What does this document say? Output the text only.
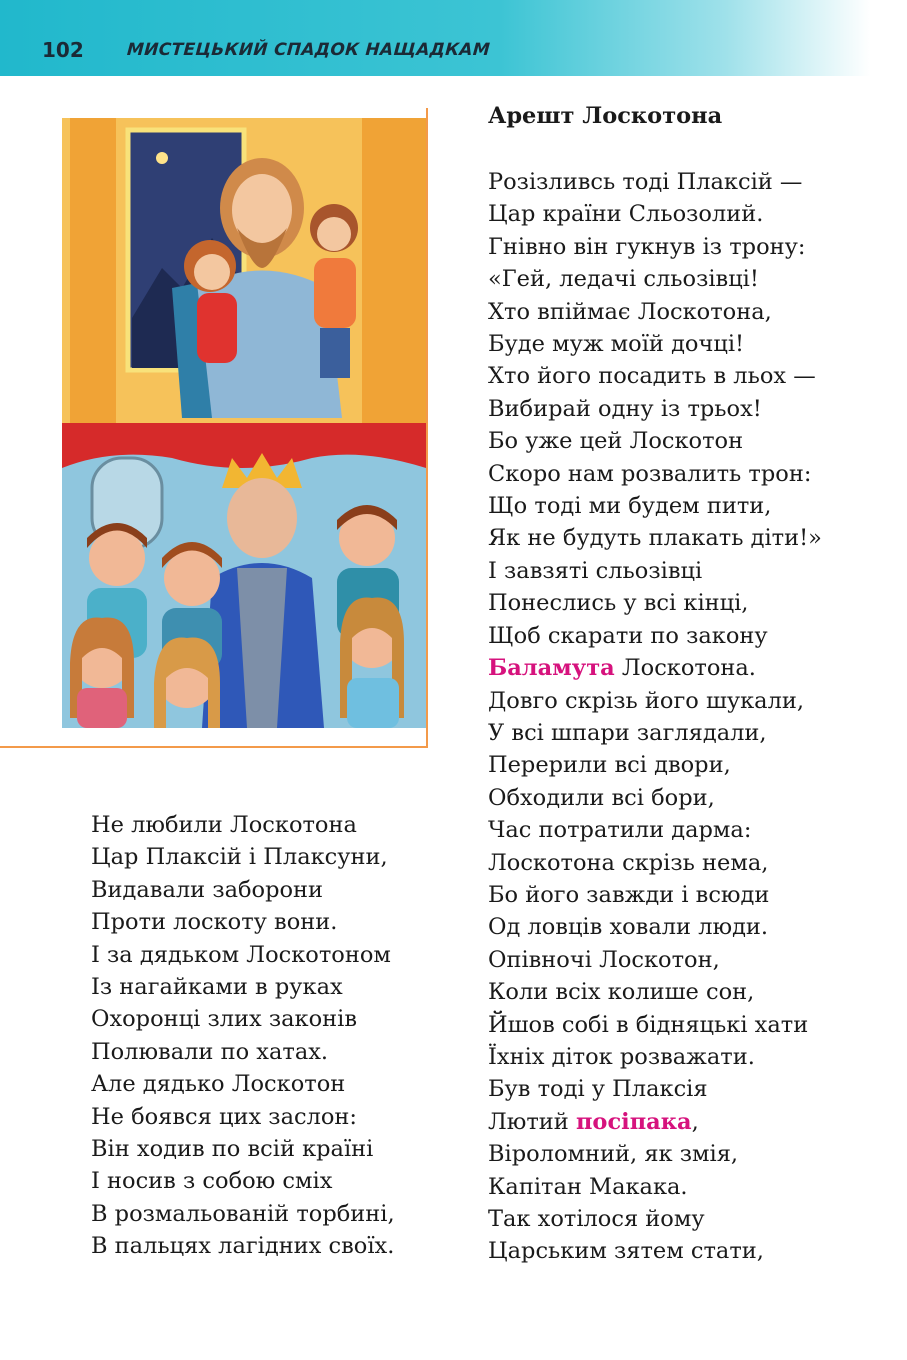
102	МИСТЕЦЬКИЙ СПАДОК НАЩАДКАМ
Не любили Лоскотона
Цар Плаксій і Плаксуни,
Видавали заборони
Проти лоскоту вони.
І за дядьком Лоскотоном
Із нагайками в руках
Охоронці злих законів
Полювали по хатах.
Але дядько Лоскотон
Не боявся цих заслон:
Він ходив по всій країні
І носив з собою сміх
В розмальованій торбині,
В пальцях лагідних своїх.
Арешт Лоскотона
Розізливсь тоді Плаксій —
Цар країни Сльозолий.
Гнівно він гукнув із трону:
«Гей, ледачі сльозівці!
Хто впіймає Лоскотона,
Буде муж моїй дочці!
Хто його посадить в льох —
Вибирай одну із трьох!
Бо уже цей Лоскотон
Скоро нам розвалить трон:
Що тоді ми будем пити,
Як не будуть плакать діти!»
І завзяті сльозівці
Понеслись у всі кінці,
Щоб скарати по закону
Баламута Лоскотона.
Довго скрізь його шукали,
У всі шпари заглядали,
Перерили всі двори,
Обходили всі бори,
Час потратили дарма:
Лоскотона скрізь нема,
Бо його завжди і всюди
Од ловців ховали люди.
Опівночі Лоскотон,
Коли всіх колише сон,
Йшов собі в бідняцькі хати
Їхніх діток розважати.
Був тоді у Плаксія
Лютий посіпака,
Віроломний, як змія,
Капітан Макака.
Так хотілося йому
Царським зятем стати,
